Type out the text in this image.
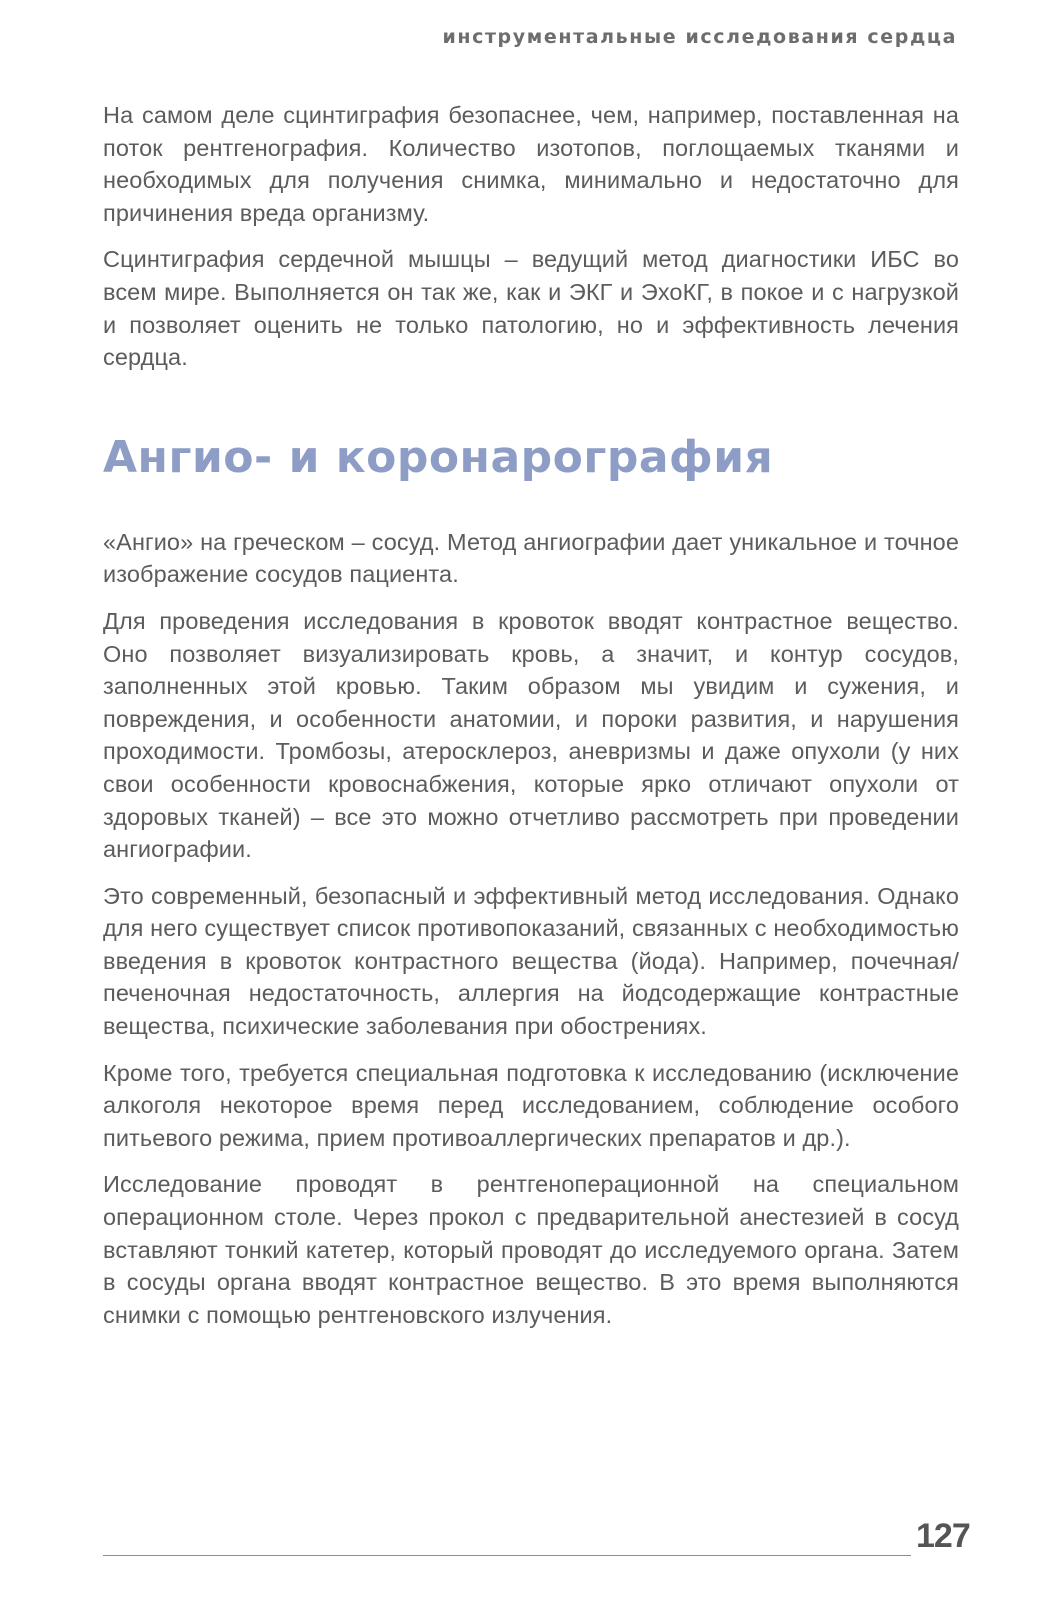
инструментальные исследования сердца

На самом деле сцинтиграфия безопаснее, чем, например, поставленная на поток рентгенография. Количество изотопов, поглощаемых тканями и необходимых для получения снимка, минимально и недостаточно для причинения вреда организму.

Сцинтиграфия сердечной мышцы – ведущий метод диагностики ИБС во всем мире. Выполняется он так же, как и ЭКГ и ЭхоКГ, в покое и с нагрузкой и позволяет оценить не только патологию, но и эффективность лечения сердца.

Ангио- и коронарография

«Ангио» на греческом – сосуд. Метод ангиографии дает уникальное и точное изображение сосудов пациента.

Для проведения исследования в кровоток вводят контрастное вещество. Оно позволяет визуализировать кровь, а значит, и контур сосудов, заполненных этой кровью. Таким образом мы увидим и сужения, и повреждения, и особенности анатомии, и пороки развития, и нарушения проходимости. Тромбозы, атеросклероз, аневризмы и даже опухоли (у них свои особенности кровоснабжения, которые ярко отличают опухоли от здоровых тканей) – все это можно отчетливо рассмотреть при проведении ангиографии.

Это современный, безопасный и эффективный метод исследования. Однако для него существует список противопоказаний, связанных с необходимостью введения в кровоток контрастного вещества (йода). Например, почечная/печеночная недостаточность, аллергия на йодсодержащие контрастные вещества, психические заболевания при обострениях.

Кроме того, требуется специальная подготовка к исследованию (исключение алкоголя некоторое время перед исследованием, соблюдение особого питьевого режима, прием противоаллергических препаратов и др.).

Исследование проводят в рентгеноперационной на специальном операционном столе. Через прокол с предварительной анестезией в сосуд вставляют тонкий катетер, который проводят до исследуемого органа. Затем в сосуды органа вводят контрастное вещество. В это время выполняются снимки с помощью рентгеновского излучения.

127
